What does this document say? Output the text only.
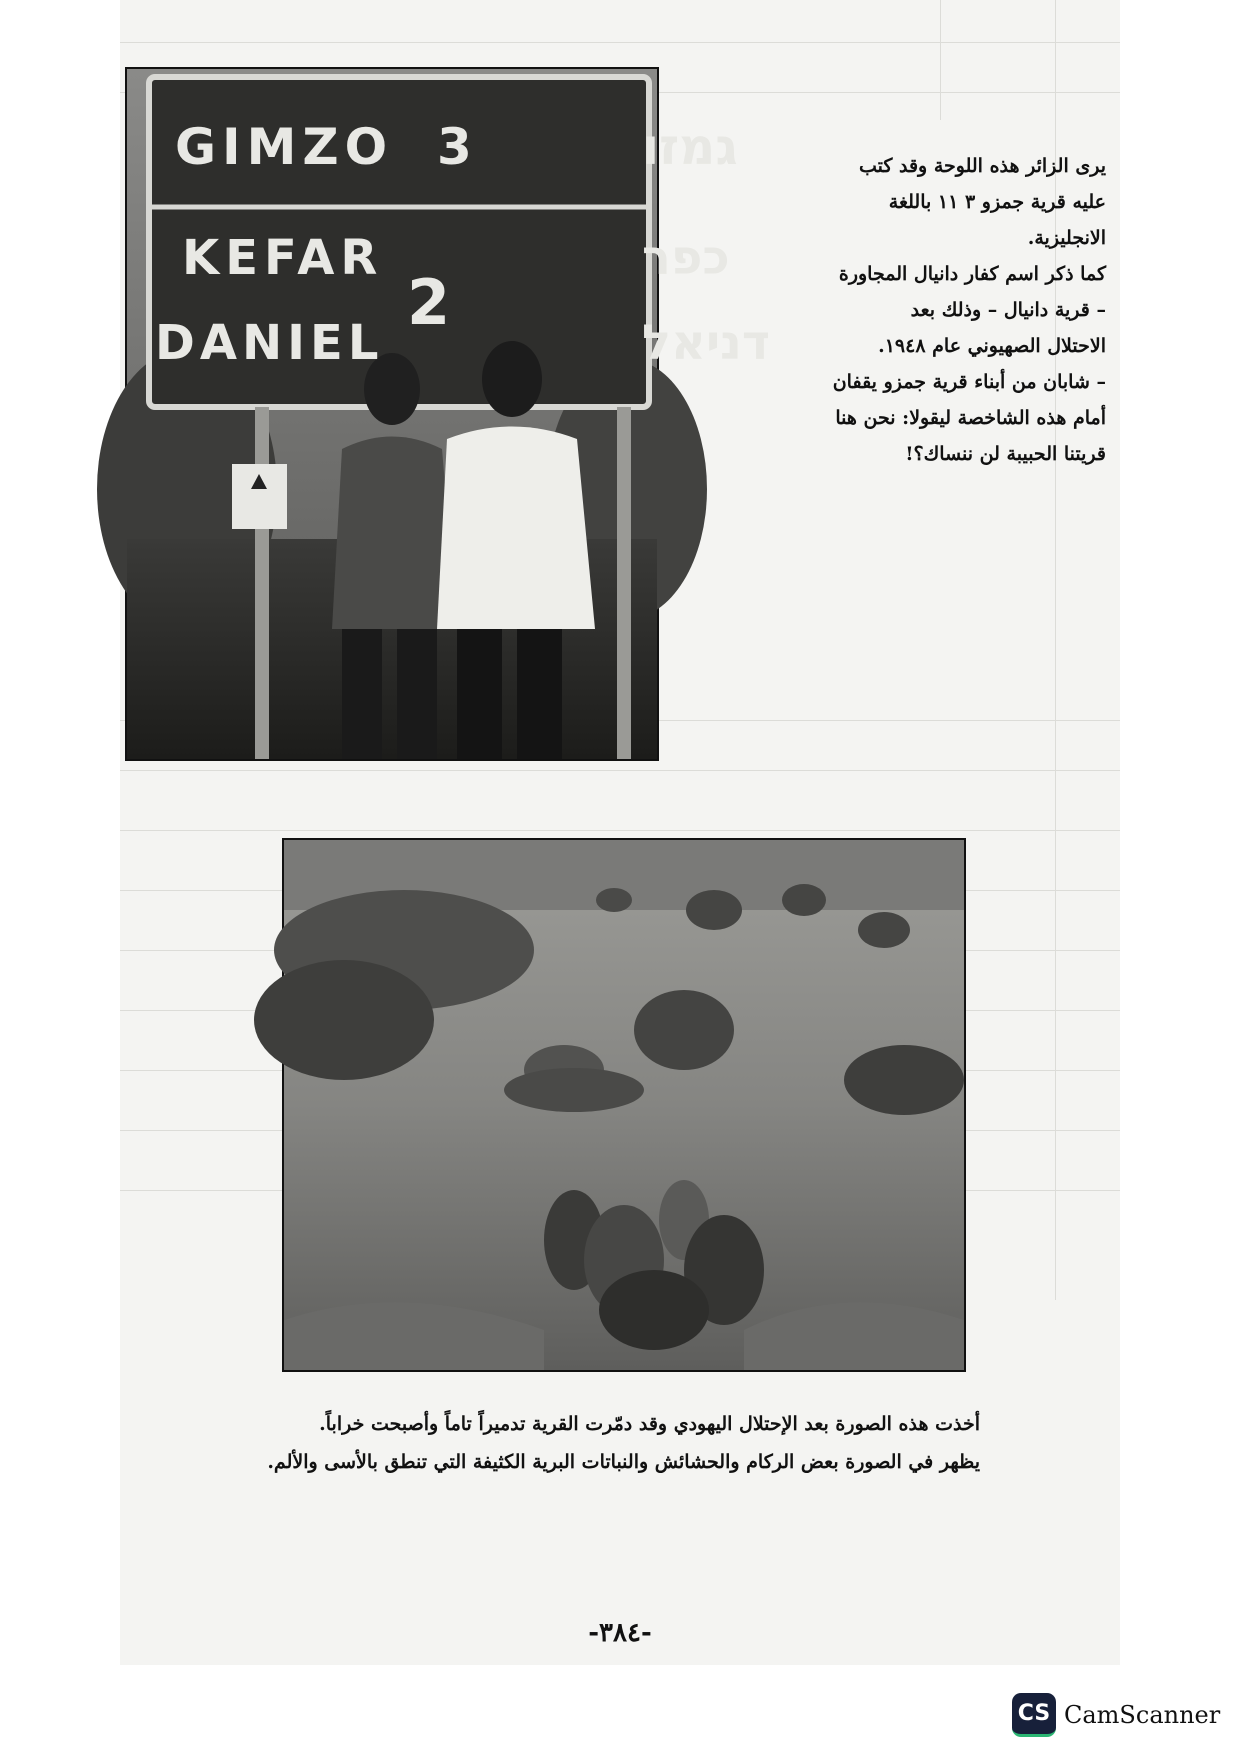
GIMZO 3	גמזו
KEFAR
DANIEL
2
כפר
דניאל

يرى الزائر هذه اللوحة وقد كتب

عليه قرية جمزو ٣ ١١ باللغة

الانجليزية.

كما ذكر اسم كفار دانيال المجاورة

– قرية دانيال – وذلك بعد

الاحتلال الصهيوني عام ١٩٤٨.

– شابان من أبناء قرية جمزو يقفان

أمام هذه الشاخصة ليقولا: نحن هنا

قريتنا الحبيبة لن ننساك؟!

أخذت هذه الصورة بعد الإحتلال اليهودي وقد دمّرت القرية تدميراً تاماً وأصبحت خراباً.

يظهر في الصورة بعض الركام والحشائش والنباتات البرية الكثيفة التي تنطق بالأسى والألم.

-٣٨٤-
CS CamScanner
